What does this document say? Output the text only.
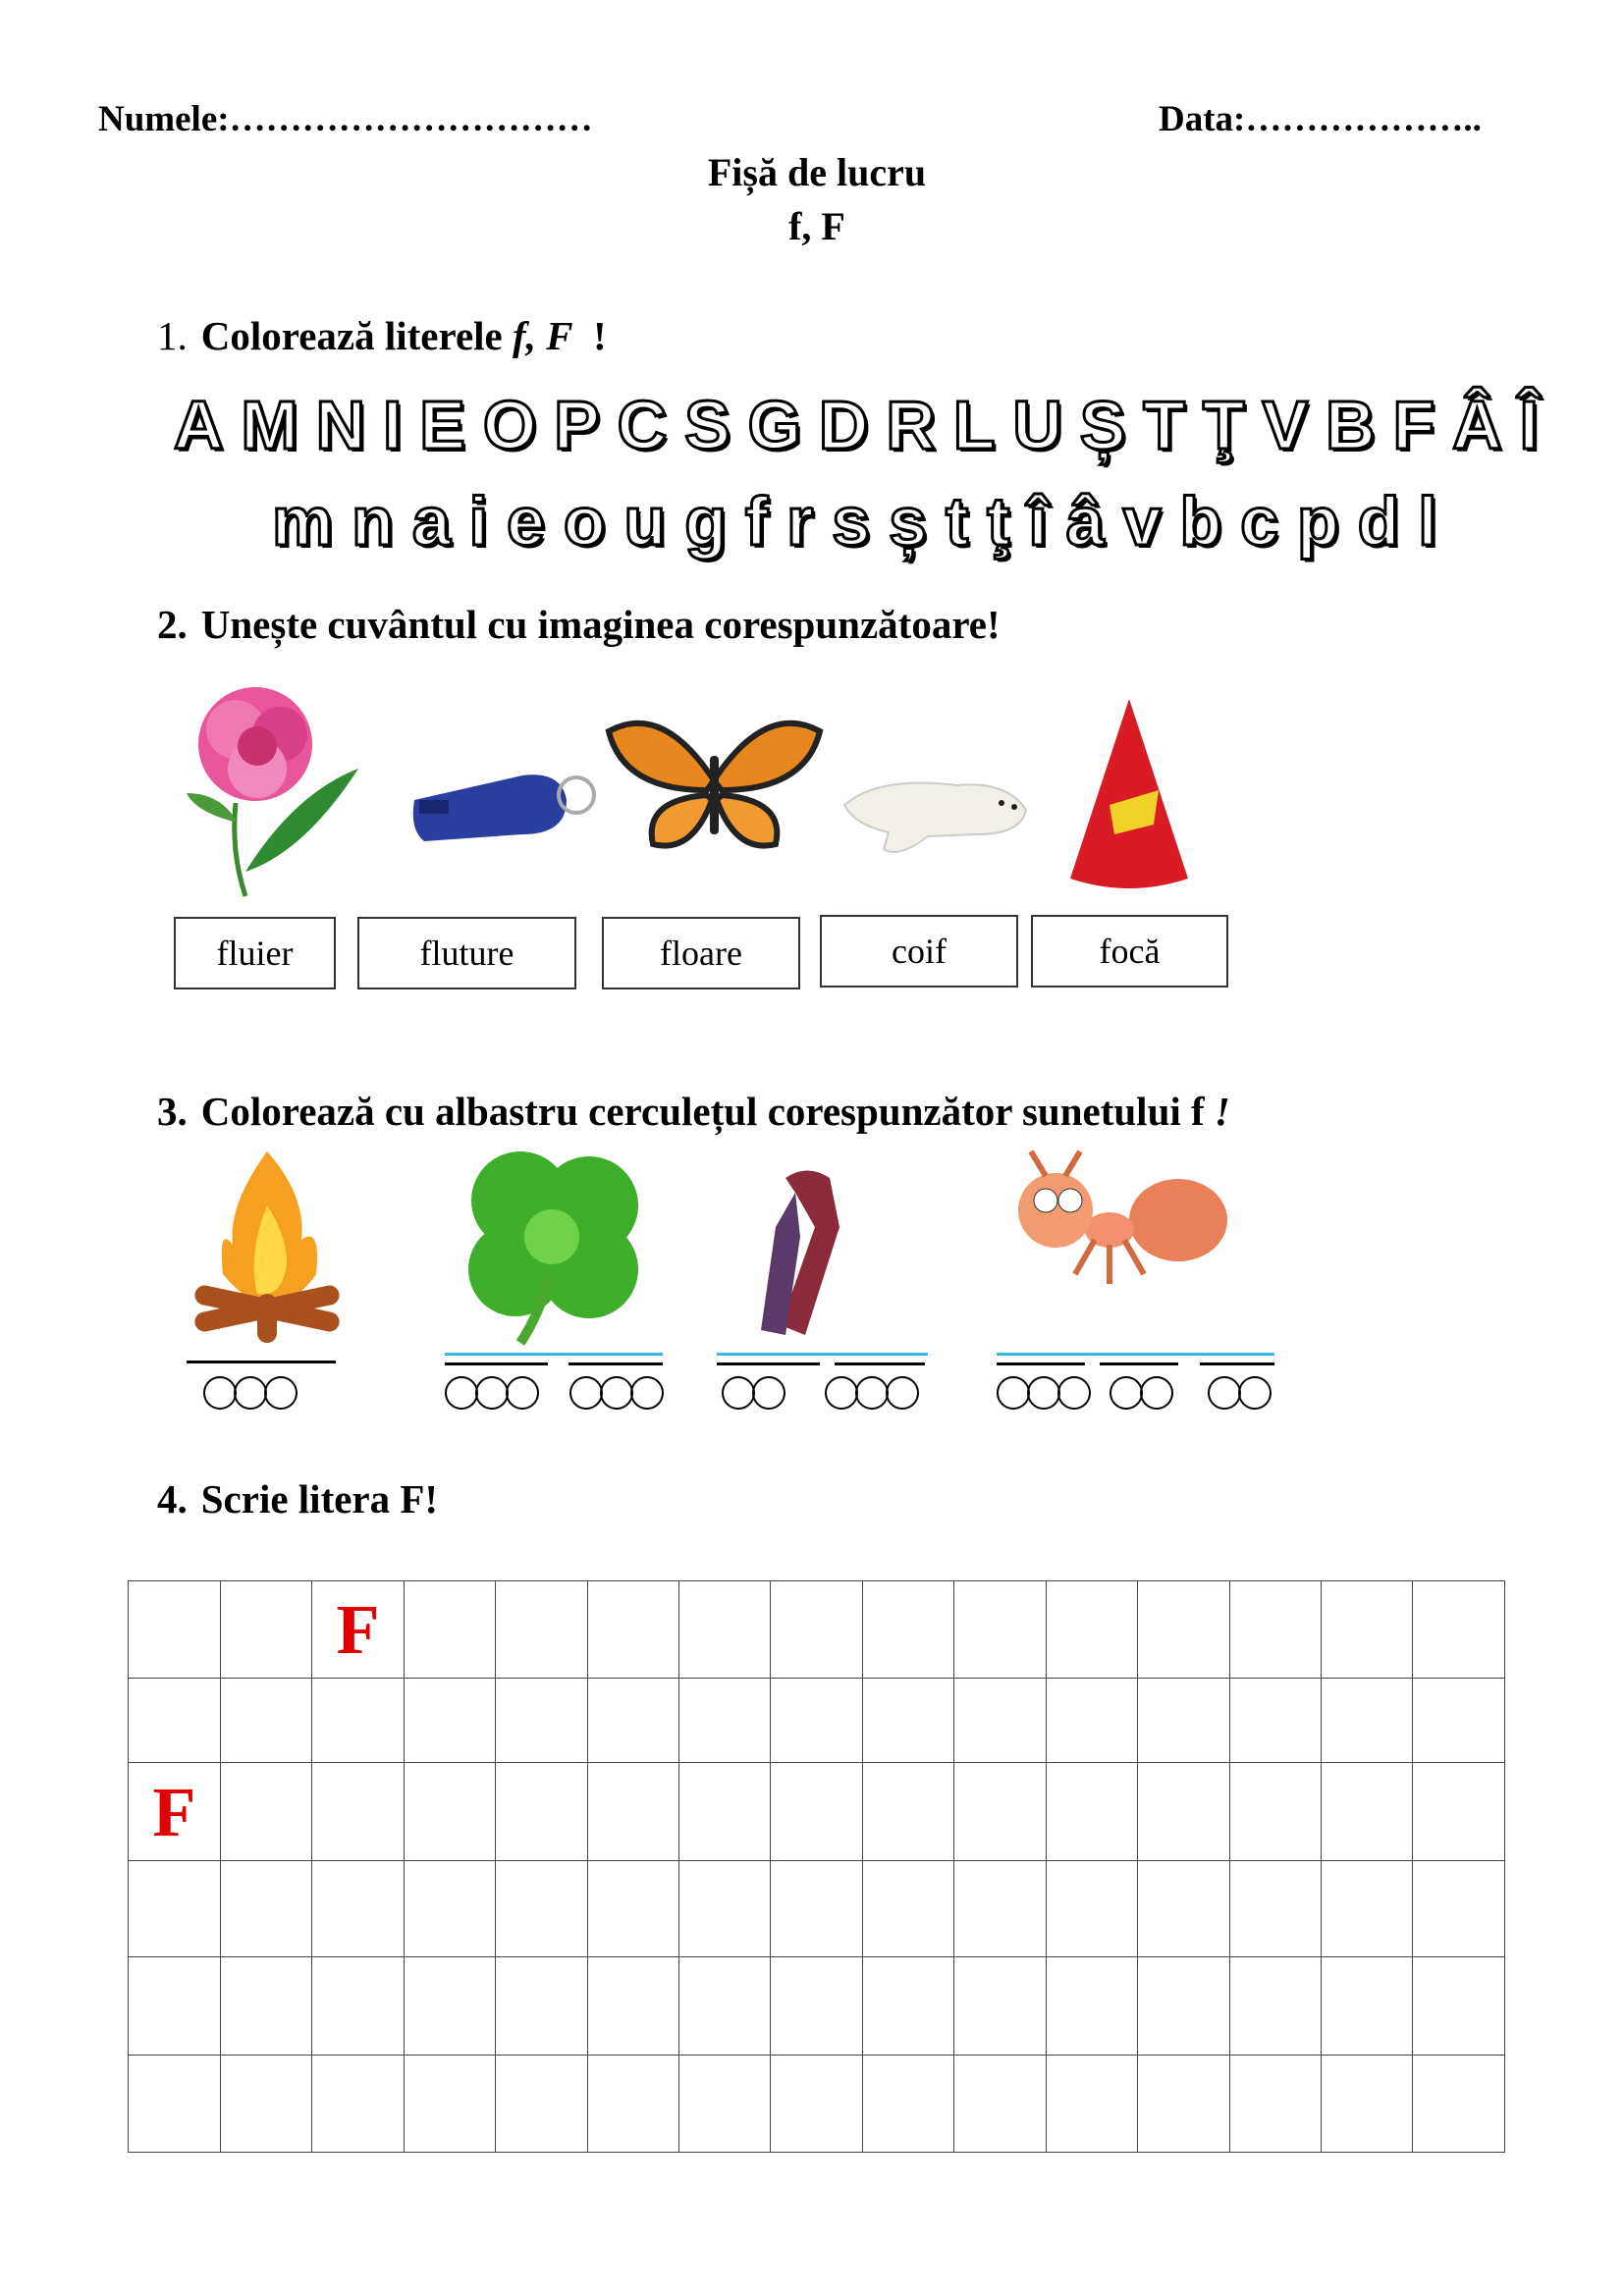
Numele:…………………………	Data:………………..
Fișă de lucru
f, F
1. Colorează literele f, F  !
A M N I E O P C S G D R L U Ș T Ţ V B F Â Î
m n a i e o u g f r s ș t ţ î â v b c p d l
2. Unește cuvântul cu imaginea corespunzătoare!
fluier	fluture	floare	coif	focă
3. Colorează cu albastru cerculețul corespunzător sunetului f !
4. Scrie litera F!
		F												

F														
